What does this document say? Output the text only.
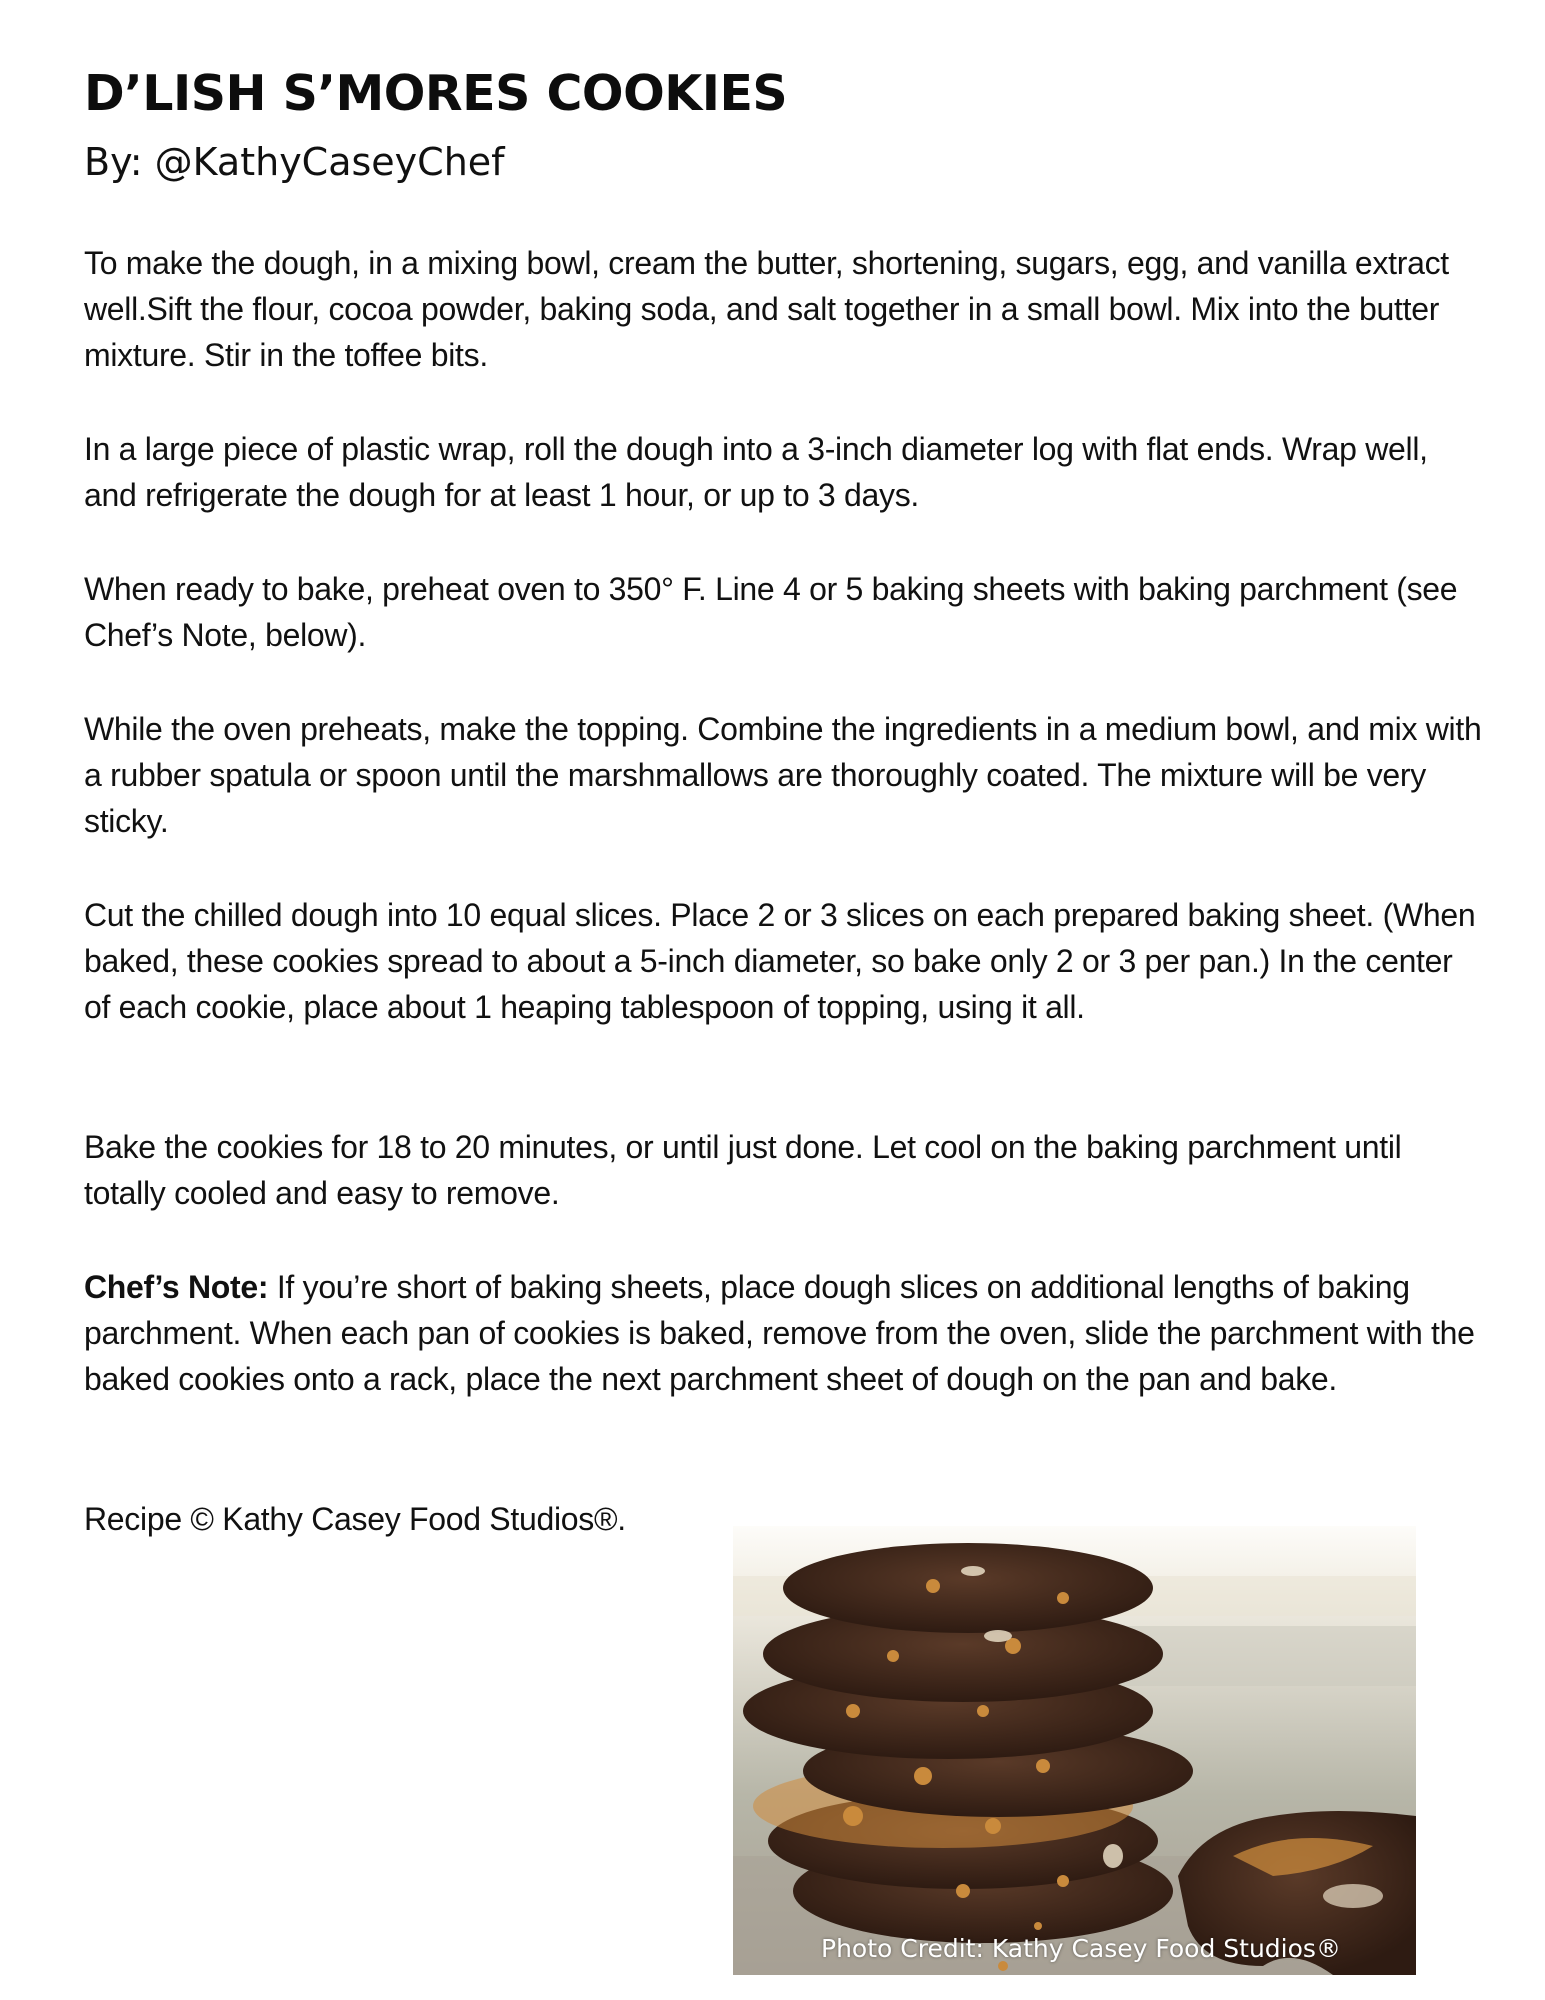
D’LISH S’MORES COOKIES
By: @KathyCaseyChef

To make the dough, in a mixing bowl, cream the butter, shortening, sugars, egg, and vanilla extract well.Sift the flour, cocoa powder, baking soda, and salt together in a small bowl. Mix into the butter mixture. Stir in the toffee bits.

In a large piece of plastic wrap, roll the dough into a 3-inch diameter log with flat ends. Wrap well, and refrigerate the dough for at least 1 hour, or up to 3 days.

When ready to bake, preheat oven to 350° F. Line 4 or 5 baking sheets with baking parchment (see Chef’s Note, below).

While the oven preheats, make the topping. Combine the ingredients in a medium bowl, and mix with a rubber spatula or spoon until the marshmallows are thoroughly coated. The mixture will be very sticky.

Cut the chilled dough into 10 equal slices. Place 2 or 3 slices on each prepared baking sheet. (When baked, these cookies spread to about a 5-inch diameter, so bake only 2 or 3 per pan.) In the center of each cookie, place about 1 heaping tablespoon of topping, using it all.

Bake the cookies for 18 to 20 minutes, or until just done. Let cool on the baking parchment until totally cooled and easy to remove.

Chef’s Note: If you’re short of baking sheets, place dough slices on additional lengths of baking parchment. When each pan of cookies is baked, remove from the oven, slide the parchment with the baked cookies onto a rack, place the next parchment sheet of dough on the pan and bake.

Recipe © Kathy Casey Food Studios®.

Photo Credit: Kathy Casey Food Studios®
